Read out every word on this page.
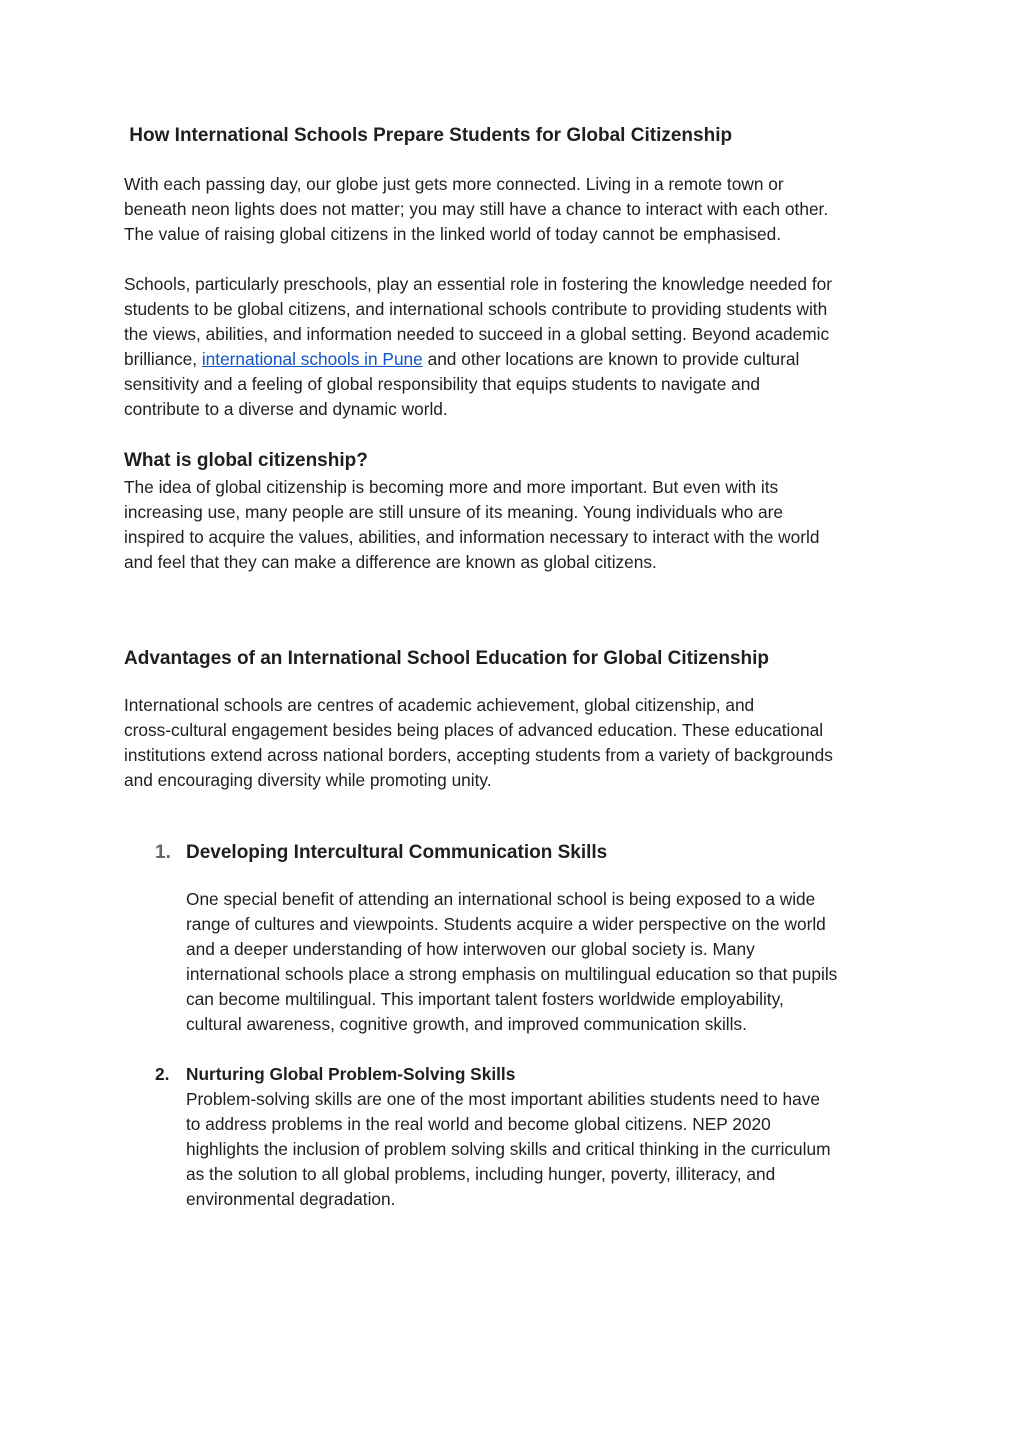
How International Schools Prepare Students for Global Citizenship

With each passing day, our globe just gets more connected. Living in a remote town or
beneath neon lights does not matter; you may still have a chance to interact with each other.
The value of raising global citizens in the linked world of today cannot be emphasised.

Schools, particularly preschools, play an essential role in fostering the knowledge needed for
students to be global citizens, and international schools contribute to providing students with
the views, abilities, and information needed to succeed in a global setting. Beyond academic
brilliance, international schools in Pune and other locations are known to provide cultural
sensitivity and a feeling of global responsibility that equips students to navigate and
contribute to a diverse and dynamic world.

What is global citizenship?

The idea of global citizenship is becoming more and more important. But even with its
increasing use, many people are still unsure of its meaning. Young individuals who are
inspired to acquire the values, abilities, and information necessary to interact with the world
and feel that they can make a difference are known as global citizens.

Advantages of an International School Education for Global Citizenship

International schools are centres of academic achievement, global citizenship, and
cross-cultural engagement besides being places of advanced education. These educational
institutions extend across national borders, accepting students from a variety of backgrounds
and encouraging diversity while promoting unity.

1. Developing Intercultural Communication Skills

One special benefit of attending an international school is being exposed to a wide
range of cultures and viewpoints. Students acquire a wider perspective on the world
and a deeper understanding of how interwoven our global society is. Many
international schools place a strong emphasis on multilingual education so that pupils
can become multilingual. This important talent fosters worldwide employability,
cultural awareness, cognitive growth, and improved communication skills.

2. Nurturing Global Problem-Solving Skills

Problem-solving skills are one of the most important abilities students need to have
to address problems in the real world and become global citizens. NEP 2020
highlights the inclusion of problem solving skills and critical thinking in the curriculum
as the solution to all global problems, including hunger, poverty, illiteracy, and
environmental degradation.
